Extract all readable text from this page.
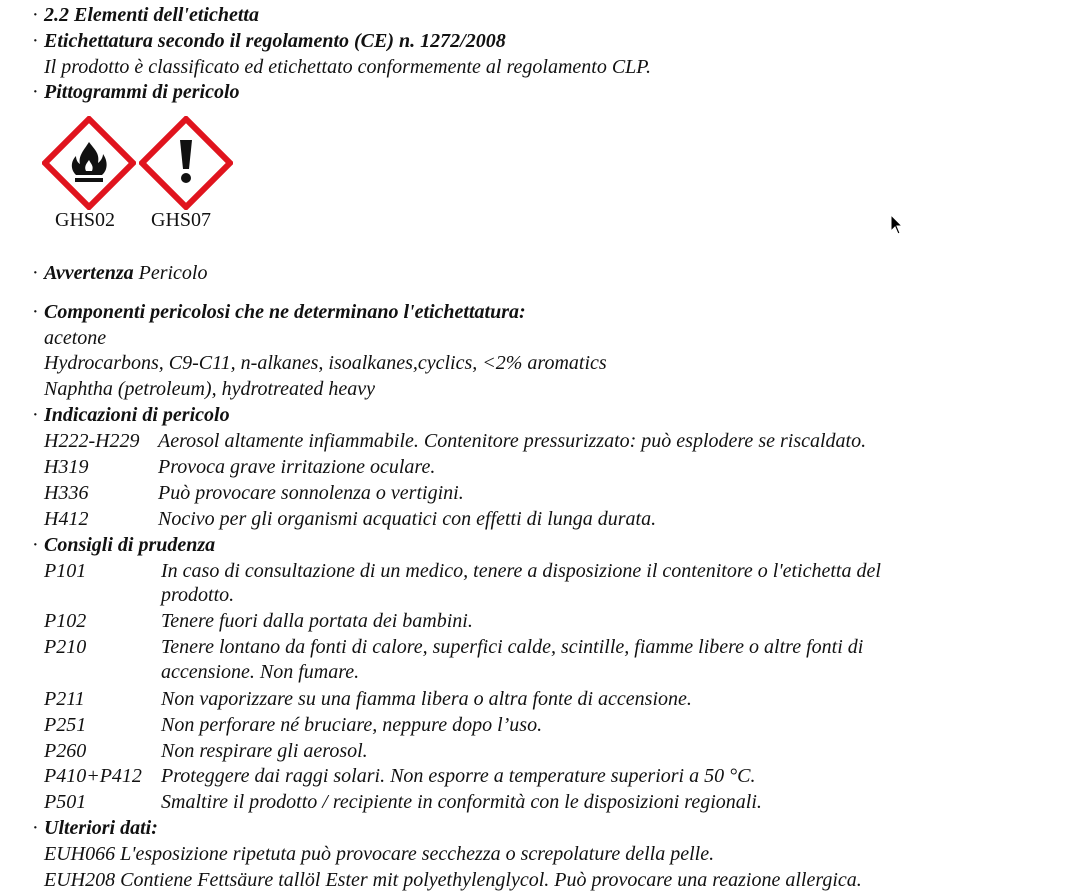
· 2.2 Elementi dell'etichetta
· Etichettatura secondo il regolamento (CE) n. 1272/2008
Il prodotto è classificato ed etichettato conformemente al regolamento CLP.
· Pittogrammi di pericolo
GHS02 GHS07
· Avvertenza Pericolo
· Componenti pericolosi che ne determinano l'etichettatura:
acetone
Hydrocarbons, C9-C11, n-alkanes, isoalkanes,cyclics, <2% aromatics
Naphtha (petroleum), hydrotreated heavy
· Indicazioni di pericolo
H222-H229 Aerosol altamente infiammabile. Contenitore pressurizzato: può esplodere se riscaldato.
H319	Provoca grave irritazione oculare.
H336	Può provocare sonnolenza o vertigini.
H412	Nocivo per gli organismi acquatici con effetti di lunga durata.
· Consigli di prudenza
P101	In caso di consultazione di un medico, tenere a disposizione il contenitore o l'etichetta del
prodotto.
P102	Tenere fuori dalla portata dei bambini.
P210	Tenere lontano da fonti di calore, superfici calde, scintille, fiamme libere o altre fonti di
accensione. Non fumare.
P211	Non vaporizzare su una fiamma libera o altra fonte di accensione.
P251	Non perforare né bruciare, neppure dopo l’uso.
P260	Non respirare gli aerosol.
P410+P412 Proteggere dai raggi solari. Non esporre a temperature superiori a 50 °C.
P501	Smaltire il prodotto / recipiente in conformità con le disposizioni regionali.
· Ulteriori dati:
EUH066 L'esposizione ripetuta può provocare secchezza o screpolature della pelle.
EUH208 Contiene Fettsäure tallöl Ester mit polyethylenglycol. Può provocare una reazione allergica.
